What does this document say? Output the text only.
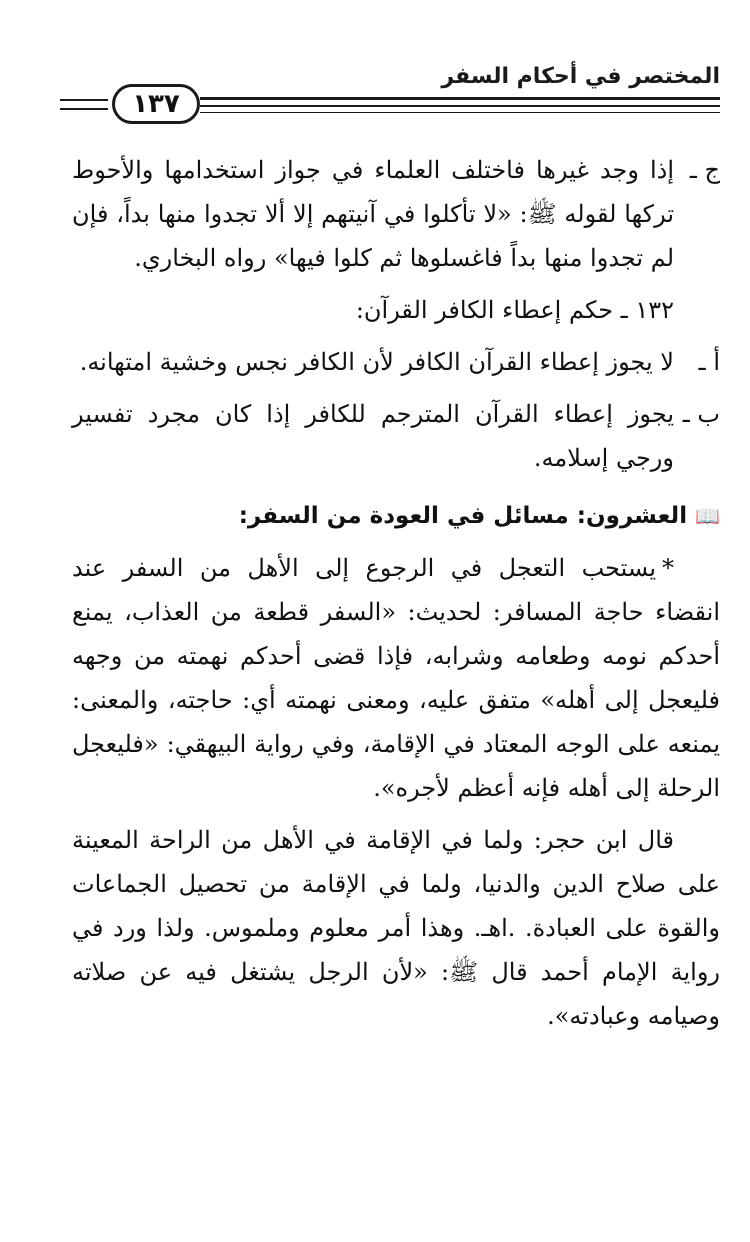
المختصر في أحكام السفر
١٣٧

ج ـإذا وجد غيرها فاختلف العلماء في جواز استخدامها والأحوط تركها لقوله ﷺ: «لا تأكلوا في آنيتهم إلا ألا تجدوا منها بداً، فإن لم تجدوا منها بداً فاغسلوها ثم كلوا فيها» رواه البخاري.

١٣٢ ـ حكم إعطاء الكافر القرآن:

أ ـلا يجوز إعطاء القرآن الكافر لأن الكافر نجس وخشية امتهانه.

ب ـيجوز إعطاء القرآن المترجم للكافر إذا كان مجرد تفسير ورجي إسلامه.

📖العشرون: مسائل في العودة من السفر:

*يستحب التعجل في الرجوع إلى الأهل من السفر عند انقضاء حاجة المسافر: لحديث: «السفر قطعة من العذاب، يمنع أحدكم نومه وطعامه وشرابه، فإذا قضى أحدكم نهمته من وجهه فليعجل إلى أهله» متفق عليه، ومعنى نهمته أي: حاجته، والمعنى: يمنعه على الوجه المعتاد في الإقامة، وفي رواية البيهقي: «فليعجل الرحلة إلى أهله فإنه أعظم لأجره».

قال ابن حجر: ولما في الإقامة في الأهل من الراحة المعينة على صلاح الدين والدنيا، ولما في الإقامة من تحصيل الجماعات والقوة على العبادة. .اهـ. وهذا أمر معلوم وملموس. ولذا ورد في رواية الإمام أحمد قال ﷺ: «لأن الرجل يشتغل فيه عن صلاته وصيامه وعبادته».
